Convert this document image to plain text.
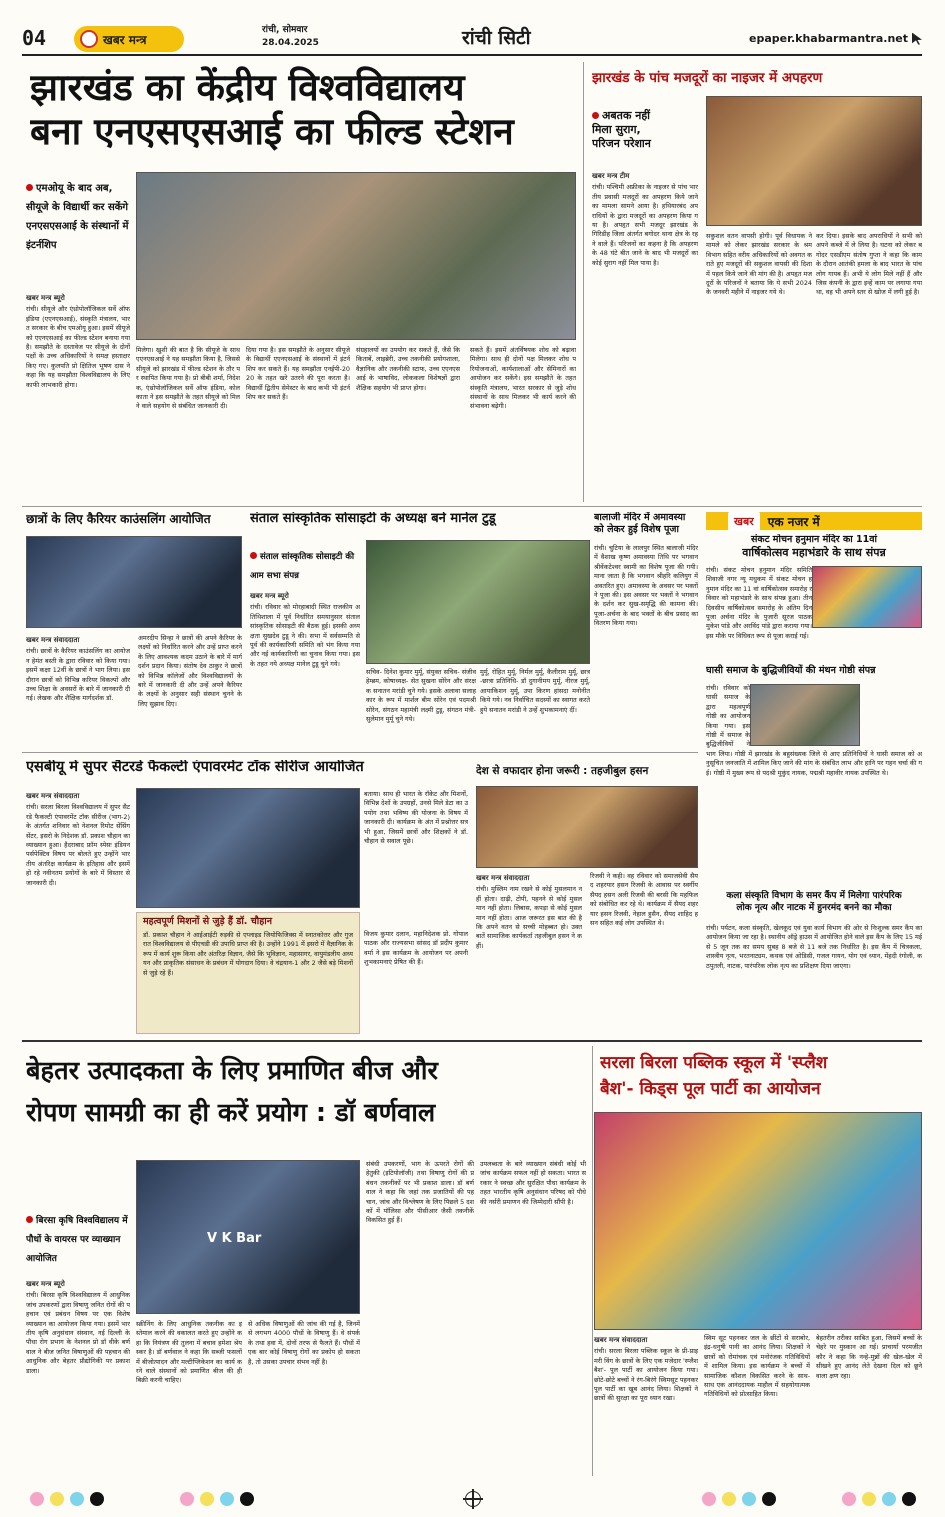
04	खबर मन्त्र
रांची, सोमवार
28.04.2025	रांची सिटी	epaper.khabarmantra.net
झारखंड का केंद्रीय विश्वविद्यालय
बना एनएसएसआई का फील्ड स्टेशन
एमओयू के बाद अब, सीयूजे के विद्यार्थी कर सकेंगे एनएसएसआई के संस्थानों में इंटर्नशिप
खबर मन्त्र ब्यूरो
रांची। सीयूजे और एंथ्रोपोलॉजिकल सर्वे ऑफ इंडिया (एएनएसआई), संस्कृति मंत्रालय, भारत सरकार के बीच एमओयू हुआ। इसमें सीयूजे को एएनएसआई का फील्ड स्टेशन बनाया गया है। समझौते के दस्तावेज पर सीयूजे के दोनों पक्षों के उच्च अधिकारियों ने समक्ष हस्ताक्षर किए गए। कुलपति प्रो क्षितिज भूषण दास ने कहा कि यह समझौता विश्वविद्यालय के लिए काफी लाभकारी होगा।
मिलेगा। खुशी की बात है कि सीयूजे के साथ एएनएसआई ने यह समझौता किया है, जिससे सीयूजे को झारखंड में फील्ड स्टेशन के तौर पर स्थापित किया गया है। प्रो बीबी शर्मा, निदेशक, एंथ्रोपोलॉजिकल सर्वे ऑफ इंडिया, कोलकाता ने इस समझौते के तहत सीयूजे को मिलने वाले सहयोग से संबंधित जानकारी दी।
दिया गया है। इस समझौते के अनुसार सीयूजे के विद्यार्थी एएनएसआई के संस्थानों में इंटर्नशिप कर सकते हैं। यह समझौता एनईपी-2020 के तहत खरे उतरने की पूरा करता है। विद्यार्थी द्वितीय सेमेस्टर के बाद कभी भी इंटर्नशिप कर सकते हैं।
संग्रहालयों का उपयोग कर सकते हैं, जैसे कि किताबें, लाइब्रेरी, उच्च तकनीकी प्रयोगशाला, वैज्ञानिक और तकनीकी स्टाफ, उच्च एएनएसआई के भाषाविद, लोककला विशेषज्ञों द्वारा शैक्षिक सहयोग भी प्राप्त होगा।
सकते हैं। इसमें अंतर्विषयक शोध को बढ़ावा मिलेगा। साथ ही दोनों पक्ष मिलकर शोध परियोजनाओं, कार्यशालाओं और सेमिनारों का आयोजन कर सकेंगे। इस समझौते के तहत संस्कृति मंत्रालय, भारत सरकार से जुड़े शोध संस्थानों के साथ मिलकर भी कार्य करने की संभावना बढ़ेगी।
झारखंड के पांच मजदूरों का नाइजर में अपहरण
अबतक नहीं
मिला सुराग,
परिजन परेशान
खबर मन्त्र टीम
रांची। पश्चिमी अफ्रीका के नाइजर से पांच भारतीय प्रवासी मजदूरों का अपहरण किये जाने का मामला सामने आया है। हथियारबंद अपराधियों के द्वारा मजदूरों का अपहरण किया गया है। अपहृत सभी मजदूर झारखंड के गिरिडीह जिला अंतर्गत बगोदर थाना क्षेत्र के रहने वाले हैं। परिजनों का कहना है कि अपहरण के 48 घंटे बीत जाने के बाद भी मजदूरों का कोई सुराग नहीं मिल पाया है।
सकुशल वतन वापसी होगी। पूर्व विधायक ने मामले को लेकर झारखंड सरकार के श्रम विभाग सहित वरीय अधिकारियों को अवगत कराते हुए मजदूरों की सकुशल वापसी की दिशा में पहल किये जाने की मांग की है। अपहृत मजदूरों के परिजनों ने बताया कि ये सभी 2024 के जनवरी महीने में नाइजर गये थे।
कर दिया। इसके बाद अपराधियों ने सभी को अपने कब्जे में ले लिया है। घटना को लेकर बगोदर एसडीएम संतोष गुप्ता ने कहा कि काम के दौरान आतंकी हमला के बाद भारत के पांच लोग गायब हैं। अभी ये लोग मिले नहीं हैं और जिस कंपनी के द्वारा इन्हें काम पर लगाया गया था, वह भी अपने स्तर से खोज में लगी हुई है।
छात्रों के लिए कैरियर काउंसलिंग आयोजित
खबर मन्त्र संवाददाता
रांची। छात्रों के कैरियर काउंसलिंग का आयोजन हेमंत बस्ती के द्वारा रविवार को किया गया। इसमें कक्षा 12वीं के छात्रों ने भाग लिया। इस दौरान छात्रों को विभिन्न करियर विकल्पों और उच्च शिक्षा के अवसरों के बारे में जानकारी दी गई। लेखक और शैक्षिक मार्गदर्शक डॉ.
अमरदीप सिन्हा ने छात्रों की अपने कैरियर के लक्ष्यों को निर्धारित करने और उन्हें प्राप्त करने के लिए आवश्यक कदम उठाने के बारे में मार्गदर्शन प्रदान किया। संतोष देव ठाकुर ने छात्रों को विभिन्न कॉलेजों और विश्वविद्यालयों के बारे में जानकारी दी और उन्हें अपने कैरियर के लक्ष्यों के अनुसार सही संस्थान चुनने के लिए सुझाव दिए।
संताल सांस्कृतिक सोसाइटी के अध्यक्ष बने मानेल टुडू
संताल सांस्कृतिक सोसाइटी की आम सभा संपन्न
खबर मन्त्र ब्यूरो
रांची। रविवार को मोरहाबादी स्थित राजकीय अतिथिशाला में पूर्व निर्धारित समयानुसार संताल सांस्कृतिक सोसाइटी की बैठक हुई। इसकी अध्यक्षता सुखदेव टुडू ने की। सभा में सर्वसम्मति से पूर्व की कार्यकारिणी समिति को भंग किया गया और नई कार्यकारिणी का चुनाव किया गया। इसके तहत नये अध्यक्ष मानेल टुडू चुने गये।
सचिव- दिनेश कुमार मुर्मू, संयुक्त सचिव- संजीव हेम्ब्रम, कोषाध्यक्ष- सेत सुखना सोरेन और संरक्षक सनातन मरांडी चुने गये। इसके अलावा सलाहकार के रूप में मार्शल बीम सोरेन एवं पदमश्री सोरेन, संगठन महामंत्री लक्ष्मी टुडू, संगठन मंत्री- सुलेमान मुर्मू चुने गये।
मुर्मू, रोहित मुर्मू, निर्मल मुर्मू, कैलीराम मुर्मू, छात्र-छात्रा प्रतिनिधि- डॉ दुगानीमय मुर्मू, नीरज मुर्मू, आयाकिशन मुर्मू, उपा किरण हांसदा मनोनीत किये गये। नव निर्वाचित सदस्यों का स्वागत करते हुये सनातन मरांडी ने उन्हें शुभकामनाएं दीं।
बालाजी मंदिर में अमावस्या
को लेकर हुई विशेष पूजा
रांची। चुटिया के लालपुर स्थित बालाजी मंदिर में वैशाख कृष्ण अमावस्या तिथि पर भगवान श्रीवेंकटेश्वर स्वामी का विशेष पूजा की गयी। माना जाता है कि भगवान श्रीहरि कलियुग में अवतरित हुए। अमावस्या के अवसर पर भक्तों ने पूजा की। इस अवसर पर भक्तों ने भगवान के दर्शन कर सुख-समृद्धि की कामना की। पूजा-अर्चना के बाद भक्तों के बीच प्रसाद का वितरण किया गया।
खबर	एक नजर में
संकट मोचन हनुमान मंदिर का 11वां
वार्षिकोत्सव महाभंडारे के साथ संपन्न
रांची। संकट मोचन हनुमान मंदिर समिति शिवाजी नगर न्यू मधुकम में संकट मोचन हनुमान मंदिर का 11 वां वार्षिकोत्सव समारोह रविवार को महाभंडारे के साथ संपन्न हुआ। तीन दिवसीय वार्षिकोत्सव समारोह के अंतिम दिन पूजा अर्चना मंदिर के पुजारी सूरज पाठक मुकेश पांडे और अरविंद पांडे द्वारा कराया गया। इस मौके पर विधिवत रूप से पूजा कराई गई।
घासी समाज के बुद्धिजीवियों की मंथन गोष्ठी संपन्न
रांची। रविवार को घासी समाज के द्वारा महत्वपूर्ण गोष्ठी का आयोजन किया गया। इस गोष्ठी में समाज के बुद्धिजीवियों ने भाग लिया। गोष्ठी में झारखंड के बहुसंख्यक जिले से आए प्रतिनिधियों ने घासी समाज को अनुसूचित जनजाति में शामिल किए जाने की मांग के संबंधित लाभ और हानि पर गहन चर्चा की गई। गोष्ठी में मुख्य रूप से पदश्री मुकुंद नायक, पद्मश्री महावीर नायक उपस्थित थे।
कला संस्कृति विभाग के समर कैंप में मिलेगा पारंपरिक
लोक नृत्य और नाटक में हुनरमंद बनने का मौका
रांची। पर्यटन, कला संस्कृति, खेलकूद एवं युवा कार्य विभाग की ओर से निःशुल्क समर कैंप का आयोजन किया जा रहा है। स्थानीय ऑड्रे हाउस में आयोजित होने वाले इस कैंप के लिए 15 मई से 5 जून तक का समय सुबह 8 बजे से 11 बजे तक निर्धारित है। इस कैंप में चित्रकला, शास्त्रीय नृत्य, भरतनाट्यम, कथक एवं ओडिसी, गजल गायन, योग एवं ध्यान, मेंहदी रंगोली, कठपुतली, नाटक, पारंपरिक लोक नृत्य का प्रशिक्षण दिया जाएगा।
एसबीयू में सुपर सैटरडे फैकल्टी एंपावरमेंट टॉक सीरीज आयोजित
खबर मन्त्र संवाददाता
रांची। सरला बिरला विश्वविद्यालय में सुपर सैटरडे फैकल्टी एंपावरमेंट टॉक सीरीज (भाग-2) के अंतर्गत शनिवार को नेशनल रिमोट सेंसिंग सेंटर, इसरो के निदेशक डॉ. प्रकाश चौहान का व्याख्यान हुआ। हैदराबाद फ्रॉम स्पेसः इंडियन पर्सपेक्टिव विषय पर बोलते हुए उन्होंने भारतीय अंतरिक्ष कार्यक्रम के इतिहास और इसमें हो रहे नवीनतम प्रयोगों के बारे में विस्तार से जानकारी दी।
बताया। साथ ही भारत के रॉकेट और मिशनों, विभिन्न देशों के उपग्रहों, उनसे मिले डेटा का उपयोग तथा भविष्य की योजना के विषय में जानकारी दी। कार्यक्रम के अंत में प्रश्नोत्तर सत्र भी हुआ, जिसमें छात्रों और शिक्षकों ने डॉ. चौहान से सवाल पूछे।
विजय कुमार दलान, महानिदेशक प्रो. गोपाल पाठक और राज्यसभा सांसद डॉ प्रदीप कुमार वर्मा ने इस कार्यक्रम के आयोजन पर अपनी शुभकामनाएं प्रेषित की हैं।
महत्वपूर्ण मिशनों से जुड़े हैं डॉ. चौहान
डॉ. प्रकाश चौहान ने आईआईटी रुड़की से एप्लाइड जियोफिजिक्स में स्नातकोत्तर और गुजरात विश्वविद्यालय से पीएचडी की उपाधि प्राप्त की है। उन्होंने 1991 में इसरो में वैज्ञानिक के रूप में कार्य शुरू किया और अंतरिक्ष विज्ञान, जैसे कि भूविज्ञान, महासागर, वायुमंडलीय अध्ययन और प्राकृतिक संसाधन के प्रबंधन में योगदान दिया। वे चंद्रयान-1 और 2 जैसे बड़े मिशनों से जुड़े रहे हैं।
देश से वफादार होना जरूरी : तहजीबुल हसन
खबर मन्त्र संवाददाता
रांची। मुस्लिम नाम रखने से कोई मुसलमान नहीं होता। दाढ़ी, टोपी, पहनने से कोई मुसलमान नहीं होता। लिबास, कपड़ा से कोई मुसलमान नहीं होता। आज जरूरत इस बात की है कि अपने वतन से सच्ची मोहब्बत हो। उक्त बातें सामाजिक कार्यकर्ता तहजीबुल हसन ने कहीं।
रिजवी ने कही। वह रविवार को समाजसेवी सैयद शहरयार हसन रिजवी के आवास पर स्वर्गीय सैयद हसन अली रिजवी की बरसी कि महफिल को संबोधित कर रहे थे। कार्यक्रम में सैयद शहरयार हसन रिजवी, नेहाल हुसैन, सैयद शाहिद हसन सहित कई लोग उपस्थित थे।
बेहतर उत्पादकता के लिए प्रमाणित बीज और
रोपण सामग्री का ही करें प्रयोग : डॉ बर्णवाल
बिरसा कृषि विश्वविद्यालय में पौधों के वायरस पर व्याख्यान आयोजित
V K Bar
खबर मन्त्र ब्यूरो
रांची। बिरसा कृषि विश्वविद्यालय में आधुनिक जांच उपकरणों द्वारा विषाणु जनित रोगों की पहचान एवं प्रबंधन विषय पर एक विशेष व्याख्यान का आयोजन किया गया। इसमें भारतीय कृषि अनुसंधान संस्थान, नई दिल्ली के पौधा रोग प्रभाग के नेशनल प्रो डॉ वीके बर्णवाल ने बीज जनित विषाणुओं की पहचान की आधुनिक और बेहतर प्रौद्योगिकी पर प्रकाश डाला।
स्क्रीनिंग के लिए आधुनिक तकनीक का इस्तेमाल करने की वकालत करते हुए उन्होंने कहा कि नियंत्रण की तुलना में बचाव हमेशा श्रेयस्कर है। डॉ बर्णवाल ने कहा कि सब्जी फसलों में बीजोत्पादन और मल्टीप्लिकेशन का कार्य करने वाले संस्थानों को प्रमाणित बीज की ही बिक्री करनी चाहिए।
से अधिक विषाणुओं की जांच की गई है, जिनमें से लगभग 4000 पौधों के विषाणु हैं। वे संपर्क के तथा हवा में, दोनों तरफ से फैलते हैं। पौधों में एक बार कोई विषाणु रोगों का प्रकोप हो सकता है, तो उसका उपचार संभव नहीं है।
संबंधी उपकरणों, भाग के ऊपरते रोगों की हेतुकी (इटियोलॉजी) तथा विषाणु रोगों की प्रबंधन तकनीकों पर भी प्रकाश डाला। डॉ बर्णवाल ने कहा कि जहां तक प्रजातियों की पहचान, जांच और विश्लेषण के लिए पिछले 5 दशकों में पॉलिसा और पीसीआर जैसी तकनीकें विकसित हुई हैं।
उपलब्धता के बारे व्याख्यान संबंधी कोई भी जांच कार्यक्रम सफल नहीं हो सकता। भारत सरकार ने स्वच्छ और सुरक्षित पौधा कार्यक्रम के तहत भारतीय कृषि अनुसंधान परिषद को पौधे की नर्सरी प्रमाणन की जिम्मेदारी सौंपी है।
सरला बिरला पब्लिक स्कूल में 'स्प्लैश
बैश'- किड्स पूल पार्टी का आयोजन
खबर मन्त्र संवाददाता
रांची। सरला बिरला पब्लिक स्कूल के प्री-प्राइमरी विंग के छात्रों के लिए एक मजेदार 'स्प्लैश बैश'- पूल पार्टी का आयोजन किया गया। छोटे-छोटे बच्चों ने रंग-बिरंगे स्विमसूट पहनकर पूल पार्टी का खूब आनंद लिया। शिक्षकों ने छात्रों की सुरक्षा का पूरा ध्यान रखा।
स्विम सूट पहनकर जल के छींटों से सराबोर, इंद्र-धनुषी पानी का आनंद लिया। शिक्षकों ने छात्रों को रोमांचक एवं मनोरंजक गतिविधियों में शामिल किया। इस कार्यक्रम ने बच्चों में सामाजिक कौशल विकसित करने के साथ-साथ एक आनंददायक माहौल में सहयोगात्मक गतिविधियों को प्रोत्साहित किया।
बेहतरीन तरीका साबित हुआ, जिसमें बच्चों के चेहरे पर मुस्कान आ गई। प्राचार्या परमजीत कौर ने कहा कि नन्हे-मुन्नों की खेल-खेल में सीखने हुए आनंद लेते देखना दिल को छूने वाला क्षण रहा।
